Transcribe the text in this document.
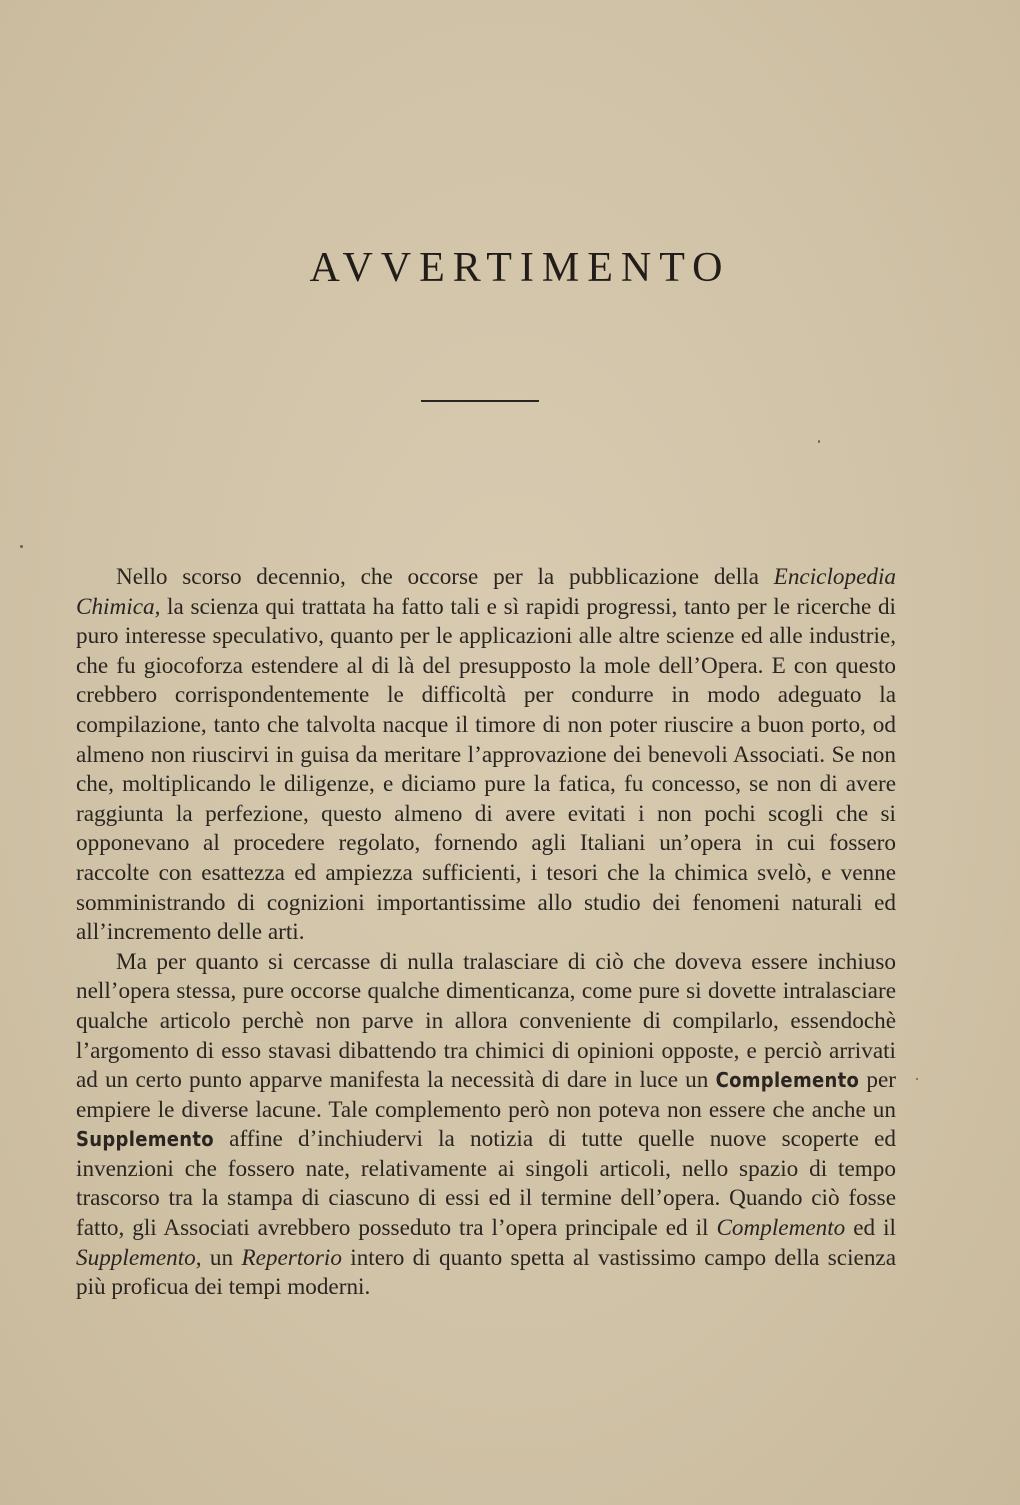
AVVERTIMENTO

Nello scorso decennio, che occorse per la pubblicazione della Enciclopedia Chimica, la scienza qui trattata ha fatto tali e sì rapidi progressi, tanto per le ricerche di puro interesse speculativo, quanto per le applicazioni alle altre scienze ed alle industrie, che fu giocoforza estendere al di là del presupposto la mole dell’Opera. E con questo crebbero corrispondentemente le difficoltà per condurre in modo adeguato la compilazione, tanto che talvolta nacque il timore di non poter riuscire a buon porto, od almeno non riuscirvi in guisa da meritare l’approvazione dei benevoli Associati. Se non che, moltiplicando le diligenze, e diciamo pure la fatica, fu concesso, se non di avere raggiunta la perfezione, questo almeno di avere evitati i non pochi scogli che si opponevano al procedere regolato, fornendo agli Italiani un’opera in cui fossero raccolte con esattezza ed ampiezza sufficienti, i tesori che la chimica svelò, e venne somministrando di cognizioni importantissime allo studio dei fenomeni naturali ed all’incremento delle arti.

Ma per quanto si cercasse di nulla tralasciare di ciò che doveva essere inchiuso nell’opera stessa, pure occorse qualche dimenticanza, come pure si dovette intralasciare qualche articolo perchè non parve in allora conveniente di compilarlo, essendochè l’argomento di esso stavasi dibattendo tra chimici di opinioni opposte, e perciò arrivati ad un certo punto apparve manifesta la necessità di dare in luce un Complemento per empiere le diverse lacune. Tale complemento però non poteva non essere che anche un Supplemento affine d’inchiudervi la notizia di tutte quelle nuove scoperte ed invenzioni che fossero nate, relativamente ai singoli articoli, nello spazio di tempo trascorso tra la stampa di ciascuno di essi ed il termine dell’opera. Quando ciò fosse fatto, gli Associati avrebbero posseduto tra l’opera principale ed il Complemento ed il Supplemento, un Repertorio intero di quanto spetta al vastissimo campo della scienza più proficua dei tempi moderni.
